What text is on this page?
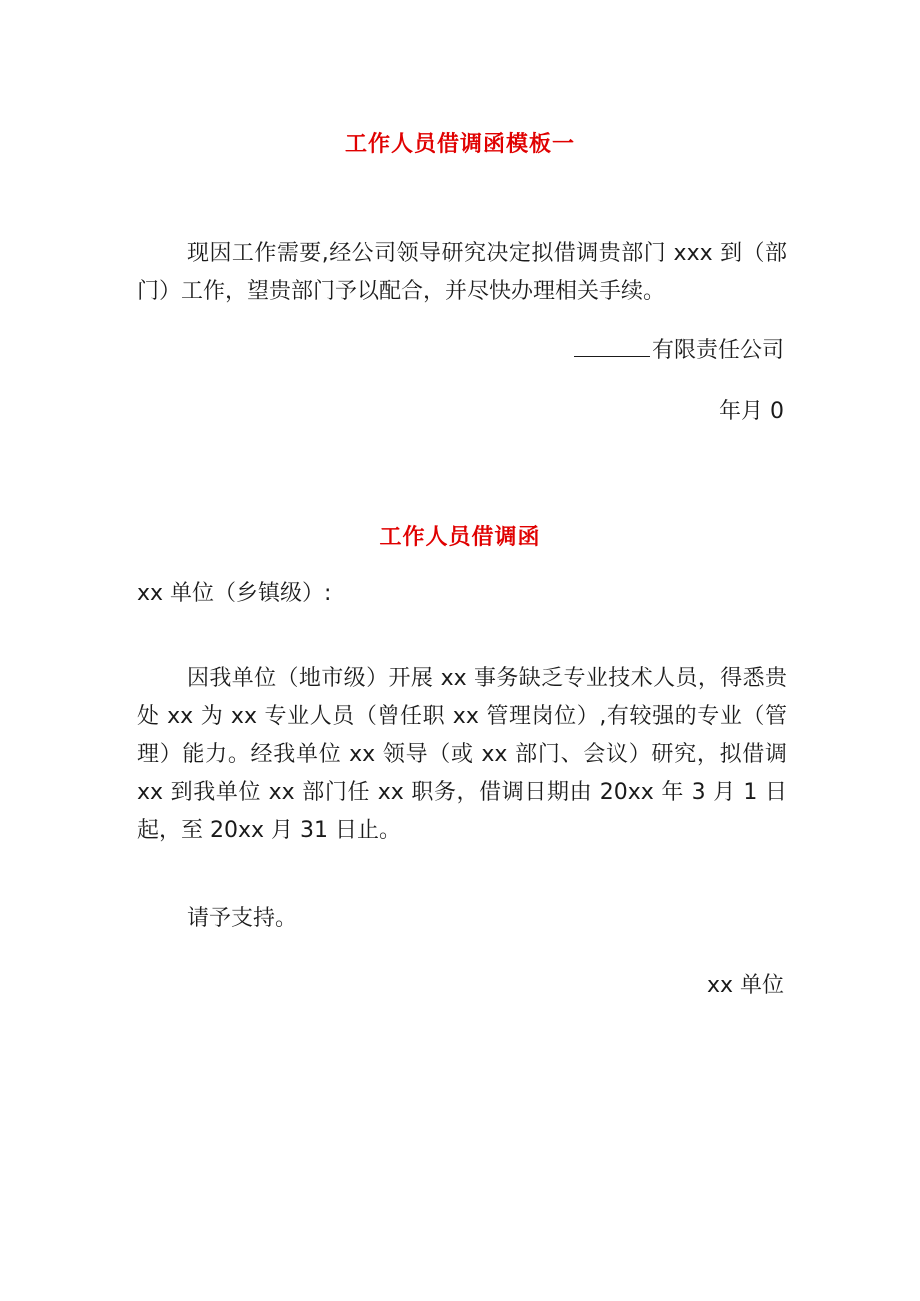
工作人员借调函模板一

现因工作需要,经公司领导研究决定拟借调贵部门 xxx 到（部门）工作，望贵部门予以配合，并尽快办理相关手续。

有限责任公司

年月 0

工作人员借调函

xx 单位（乡镇级）:

因我单位（地市级）开展 xx 事务缺乏专业技术人员，得悉贵处 xx 为 xx 专业人员（曾任职 xx 管理岗位）,有较强的专业（管理）能力。经我单位 xx 领导（或 xx 部门、会议）研究，拟借调 xx 到我单位 xx 部门任 xx 职务，借调日期由 20xx 年 3 月 1 日起，至 20xx 月 31 日止。

请予支持。

xx 单位
